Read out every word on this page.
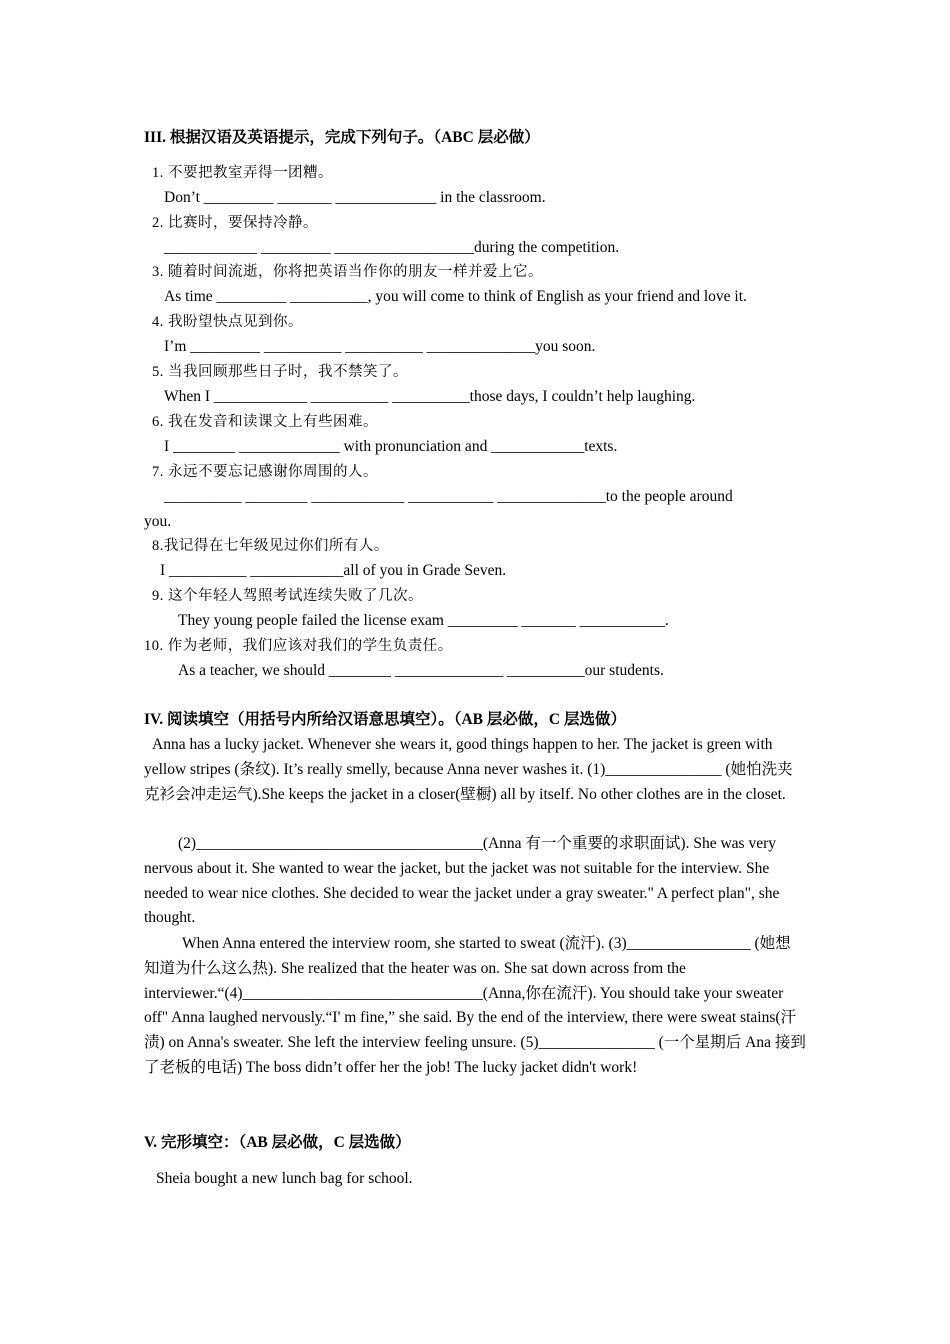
III. 根据汉语及英语提示，完成下列句子。（ABC 层必做）
1. 不要把教室弄得一团糟。
Don’t _________ _______ _____________ in the classroom.
2. 比赛时，要保持冷静。
____________ _________ __________________during the competition.
3. 随着时间流逝，你将把英语当作你的朋友一样并爱上它。
As time _________ __________, you will come to think of English as your friend and love it.
4. 我盼望快点见到你。
I’m _________ __________ __________ ______________you soon.
5. 当我回顾那些日子时，我不禁笑了。
When I ____________ __________ __________those days, I couldn’t help laughing.
6. 我在发音和读课文上有些困难。
I ________ _____________ with pronunciation and ____________texts.
7. 永远不要忘记感谢你周围的人。
__________ ________ ____________ ___________ ______________to the people around
you.
8.我记得在七年级见过你们所有人。
I __________ ____________all of you in Grade Seven.
9. 这个年轻人驾照考试连续失败了几次。
They young people failed the license exam _________ _______ ___________.
10. 作为老师，我们应该对我们的学生负责任。
As a teacher, we should ________ ______________ __________our students.
IV. 阅读填空（用括号内所给汉语意思填空）。（AB 层必做，C 层选做）
Anna has a lucky jacket. Whenever she wears it, good things happen to her. The jacket is green with yellow stripes (条纹). It’s really smelly, because Anna never washes it. (1)_______________ (她怕洗夹克衫会冲走运气).She keeps the jacket in a closer(壁橱) all by itself. No other clothes are in the closet.
(2)_____________________________________(Anna 有一个重要的求职面试). She was very nervous about it. She wanted to wear the jacket, but the jacket was not suitable for the interview. She needed to wear nice clothes. She decided to wear the jacket under a gray sweater." A perfect plan", she thought.
When Anna entered the interview room, she started to sweat (流汗). (3)________________ (她想知道为什么这么热). She realized that the heater was on. She sat down across from the interviewer.“(4)_______________________________(Anna,你在流汗). You should take your sweater off" Anna laughed nervously.“I' m fine,” she said. By the end of the interview, there were sweat stains(汗渍) on Anna's sweater. She left the interview feeling unsure. (5)_______________ (一个星期后 Ana 接到了老板的电话) The boss didn’t offer her the job! The lucky jacket didn't work!
V. 完形填空：（AB 层必做，C 层选做）
Sheia bought a new lunch bag for school.
